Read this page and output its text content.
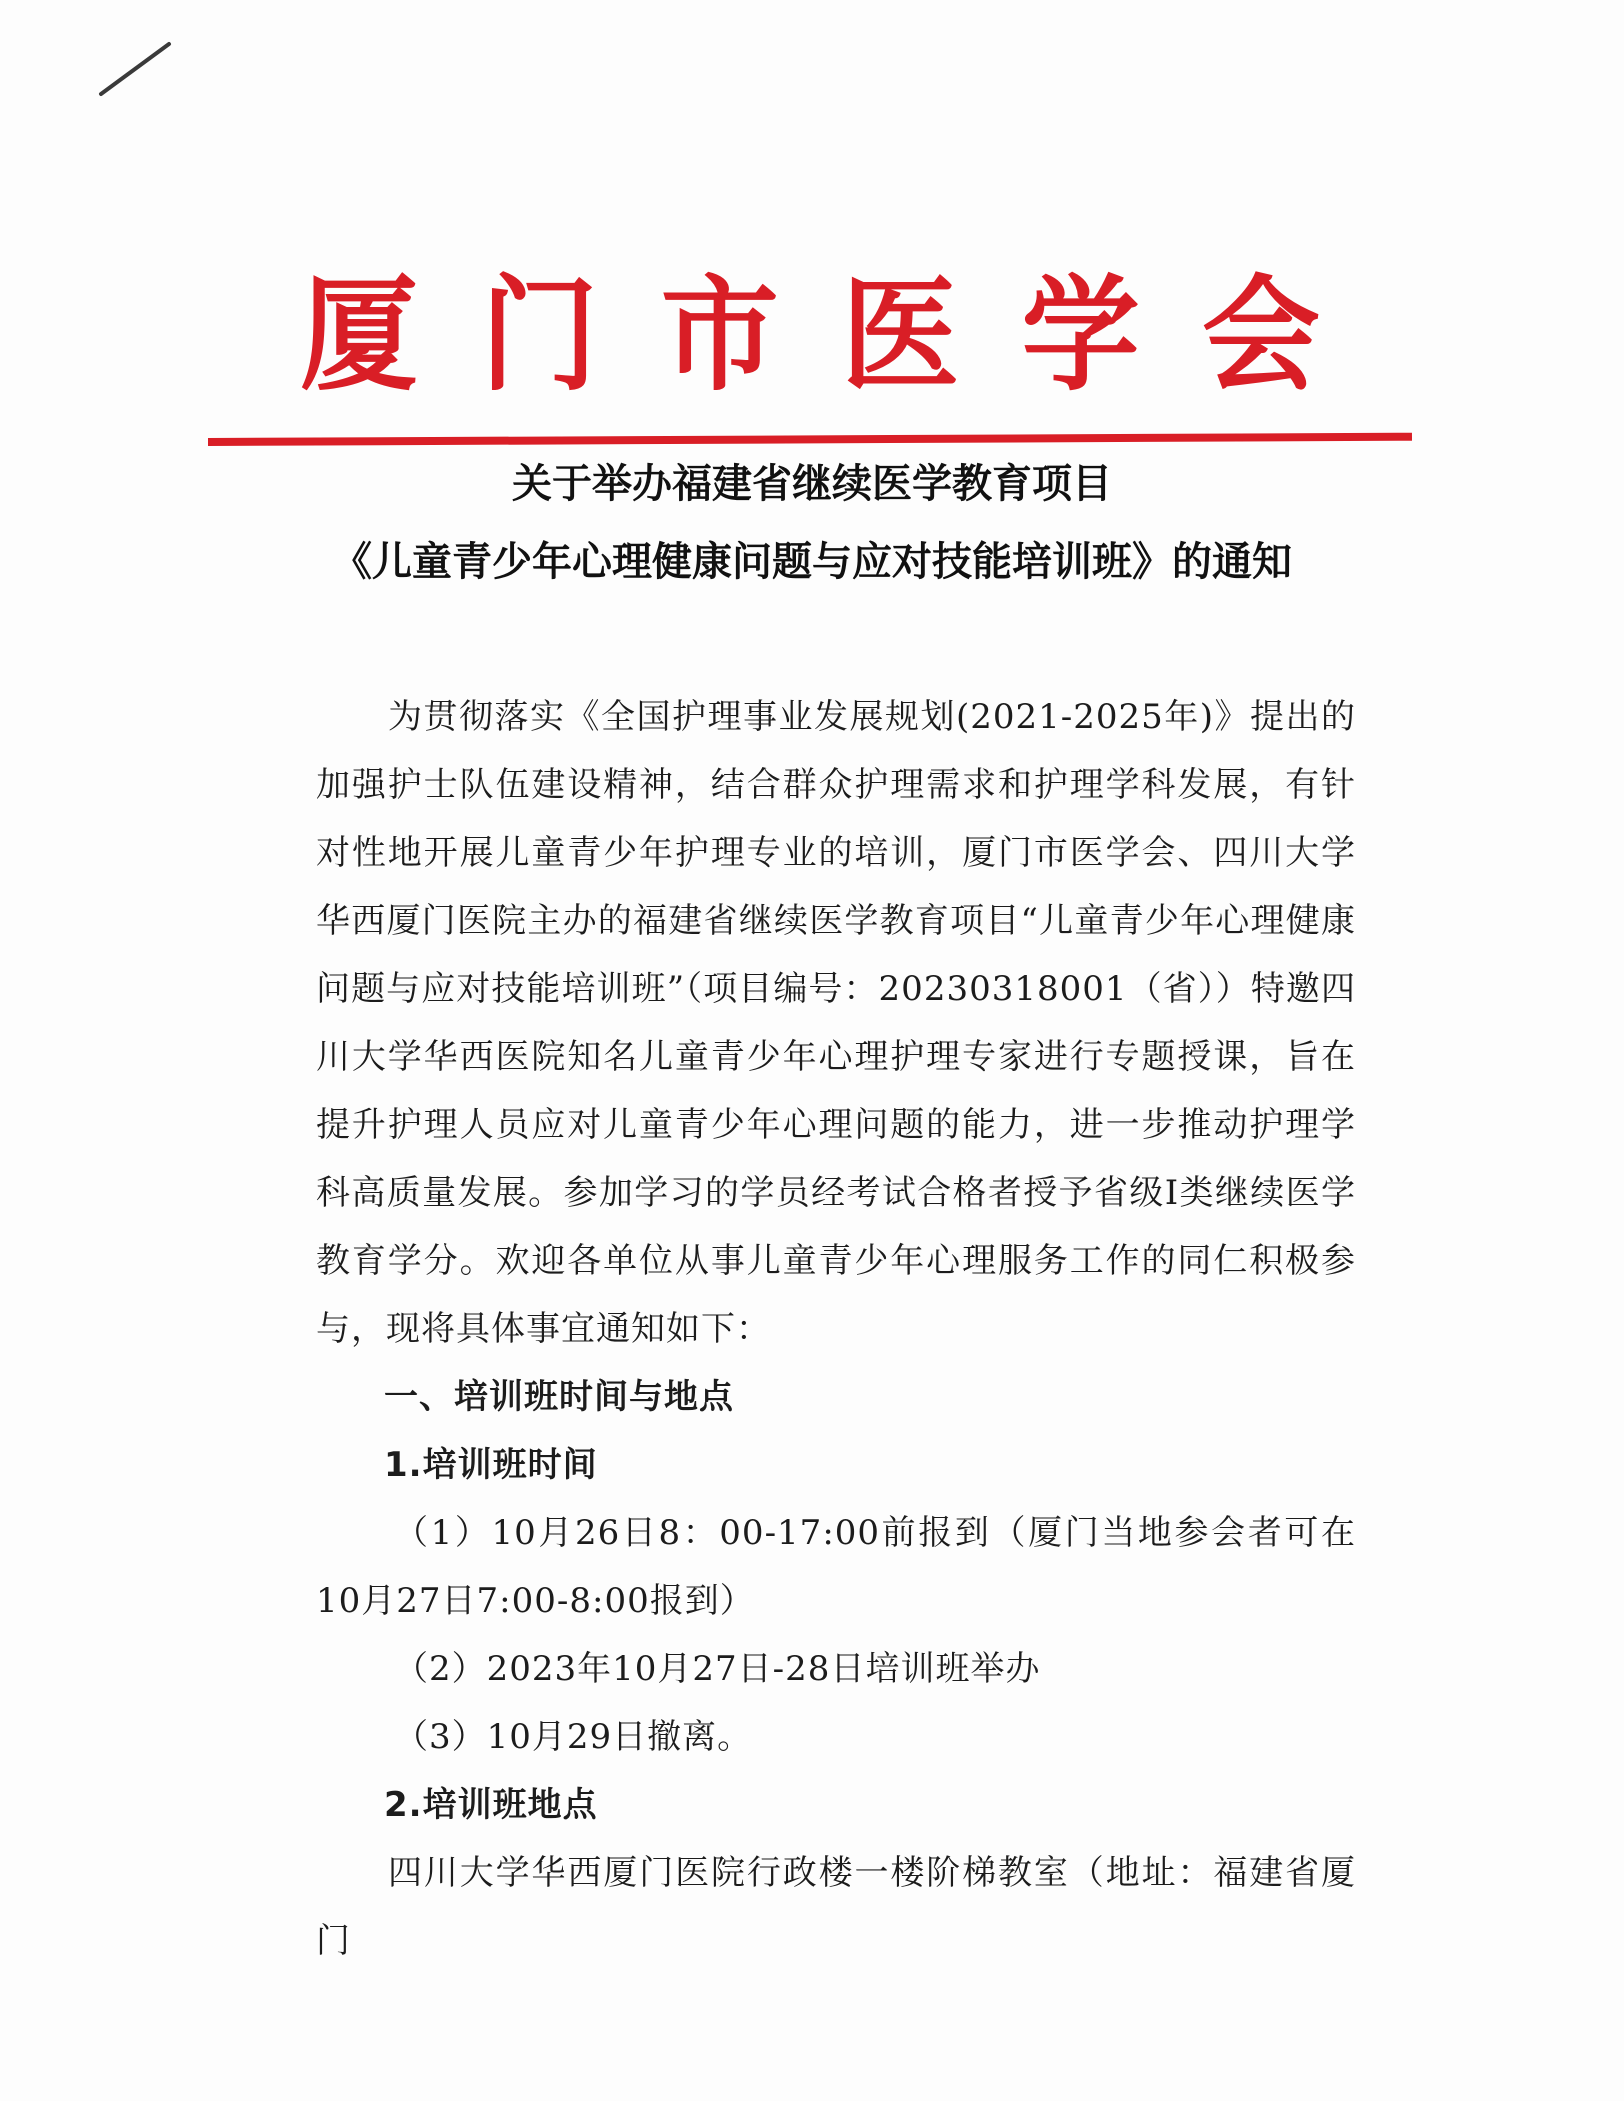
厦 门 市 医 学 会
关于举办福建省继续医学教育项目
《儿童青少年心理健康问题与应对技能培训班》的通知

为贯彻落实《全国护理事业发展规划(2021-2025年)》提出的加强护士队伍建设精神，结合群众护理需求和护理学科发展，有针对性地开展儿童青少年护理专业的培训，厦门市医学会、四川大学华西厦门医院主办的福建省继续医学教育项目“儿童青少年心理健康问题与应对技能培训班”（项目编号：20230318001（省））特邀四川大学华西医院知名儿童青少年心理护理专家进行专题授课，旨在提升护理人员应对儿童青少年心理问题的能力，进一步推动护理学科高质量发展。参加学习的学员经考试合格者授予省级I类继续医学教育学分。欢迎各单位从事儿童青少年心理服务工作的同仁积极参与，现将具体事宜通知如下：

一、培训班时间与地点

1.培训班时间

（1）10月26日8：00-17:00前报到（厦门当地参会者可在10月27日7:00-8:00报到）

（2）2023年10月27日-28日培训班举办

（3）10月29日撤离。

2.培训班地点

四川大学华西厦门医院行政楼一楼阶梯教室（地址：福建省厦门
